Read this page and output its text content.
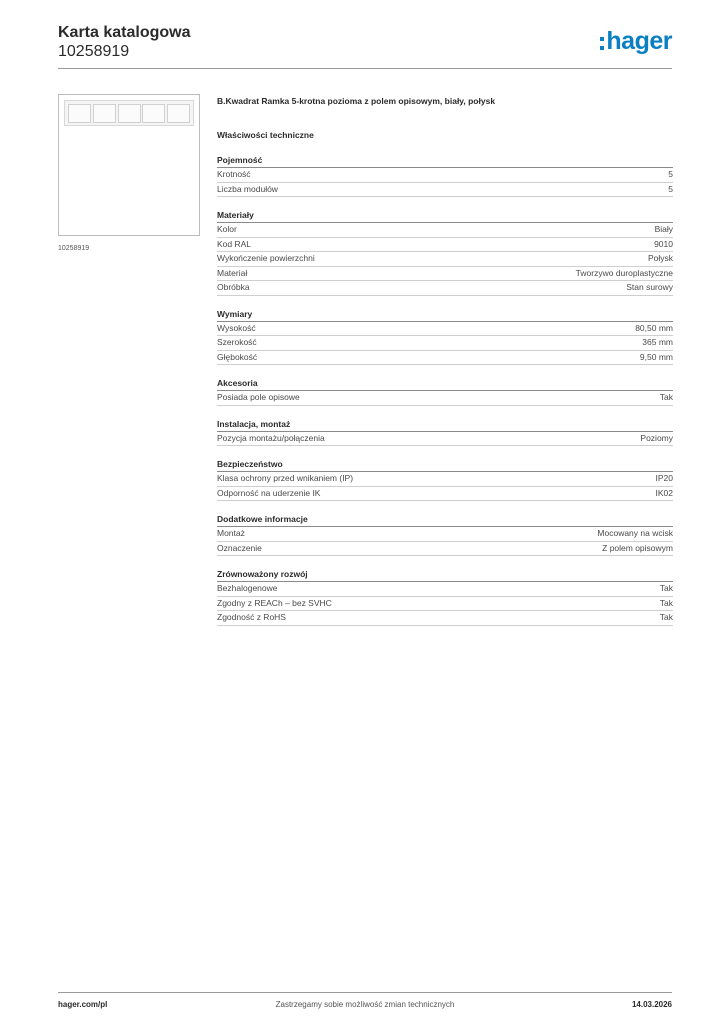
Karta katalogowa
10258919	hager
10258919
B.Kwadrat Ramka 5-krotna pozioma z polem opisowym, biały, połysk
Właściwości techniczne
Pojemność
Krotność	5
Liczba modułów	5
Materiały
Kolor	Biały
Kod RAL	9010
Wykończenie powierzchni	Połysk
Materiał	Tworzywo duroplastyczne
Obróbka	Stan surowy
Wymiary
Wysokość	80,50 mm
Szerokość	365 mm
Głębokość	9,50 mm
Akcesoria
Posiada pole opisowe	Tak
Instalacja, montaż
Pozycja montażu/połączenia	Poziomy
Bezpieczeństwo
Klasa ochrony przed wnikaniem (IP)	IP20
Odporność na uderzenie IK	IK02
Dodatkowe informacje
Montaż	Mocowany na wcisk
Oznaczenie	Z polem opisowym
Zrównoważony rozwój
Bezhalogenowe	Tak
Zgodny z REACh – bez SVHC	Tak
Zgodność z RoHS	Tak
hager.com/pl	Zastrzegamy sobie możliwość zmian technicznych	14.03.2026
